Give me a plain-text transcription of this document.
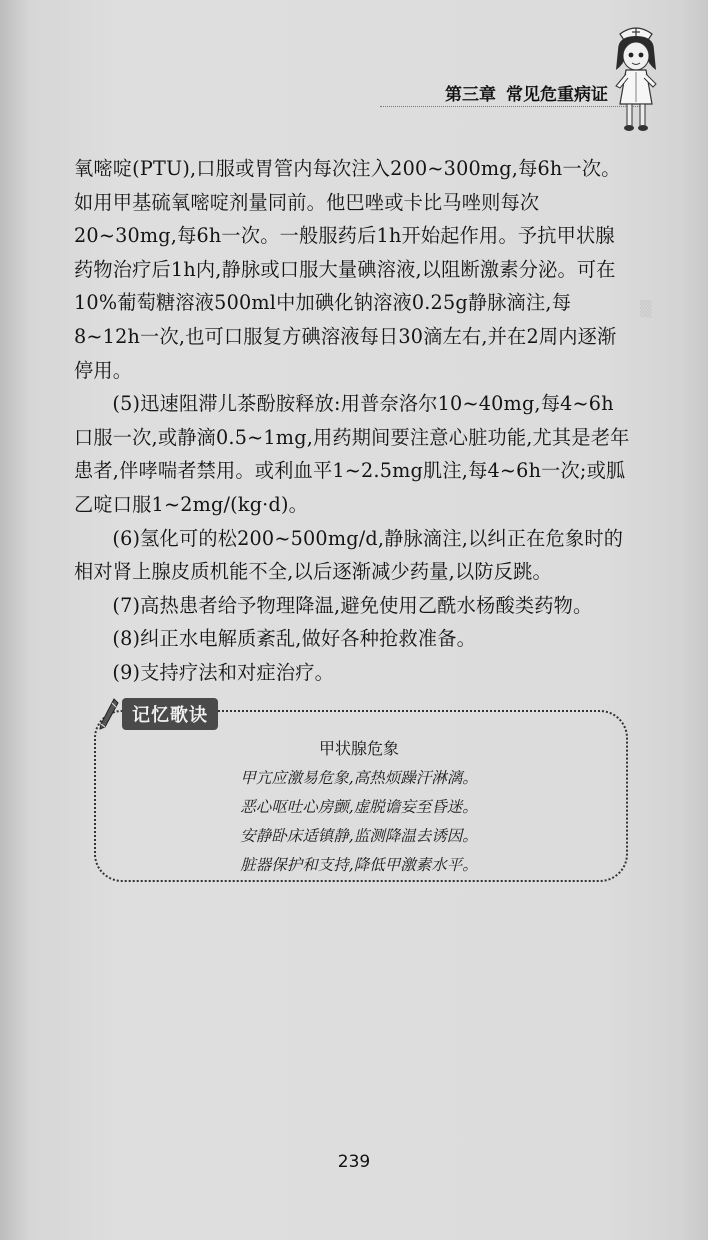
▒
第三章 常见危重病证

氧嘧啶(PTU),口服或胃管内每次注入200~300mg,每6h一次。如用甲基硫氧嘧啶剂量同前。他巴唑或卡比马唑则每次20~30mg,每6h一次。一般服药后1h开始起作用。予抗甲状腺药物治疗后1h内,静脉或口服大量碘溶液,以阻断激素分泌。可在10%葡萄糖溶液500ml中加碘化钠溶液0.25g静脉滴注,每8~12h一次,也可口服复方碘溶液每日30滴左右,并在2周内逐渐停用。

(5)迅速阻滞儿茶酚胺释放:用普奈洛尔10~40mg,每4~6h口服一次,或静滴0.5~1mg,用药期间要注意心脏功能,尤其是老年患者,伴哮喘者禁用。或利血平1~2.5mg肌注,每4~6h一次;或胍乙啶口服1~2mg/(kg·d)。

(6)氢化可的松200~500mg/d,静脉滴注,以纠正在危象时的相对肾上腺皮质机能不全,以后逐渐减少药量,以防反跳。

(7)高热患者给予物理降温,避免使用乙酰水杨酸类药物。

(8)纠正水电解质紊乱,做好各种抢救准备。

(9)支持疗法和对症治疗。

记忆歌诀
甲状腺危象
甲亢应激易危象,高热烦躁汗淋漓。
恶心呕吐心房颤,虚脱谵妄至昏迷。
安静卧床适镇静,监测降温去诱因。
脏器保护和支持,降低甲激素水平。
239
